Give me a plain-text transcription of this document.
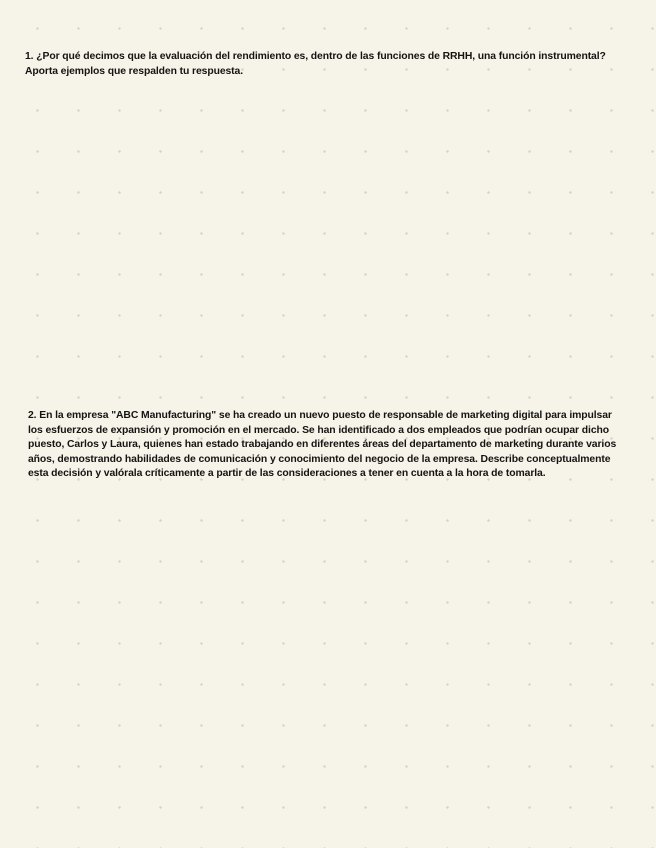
1. ¿Por qué decimos que la evaluación del rendimiento es, dentro de las funciones de RRHH, una función instrumental? Aporta ejemplos que respalden tu respuesta.

2. En la empresa "ABC Manufacturing" se ha creado un nuevo puesto de responsable de marketing digital para impulsar los esfuerzos de expansión y promoción en el mercado. Se han identificado a dos empleados que podrían ocupar dicho puesto, Carlos y Laura, quienes han estado trabajando en diferentes áreas del departamento de marketing durante varios años, demostrando habilidades de comunicación y conocimiento del negocio de la empresa. Describe conceptualmente esta decisión y valórala críticamente a partir de las consideraciones a tener en cuenta a la hora de tomarla.
